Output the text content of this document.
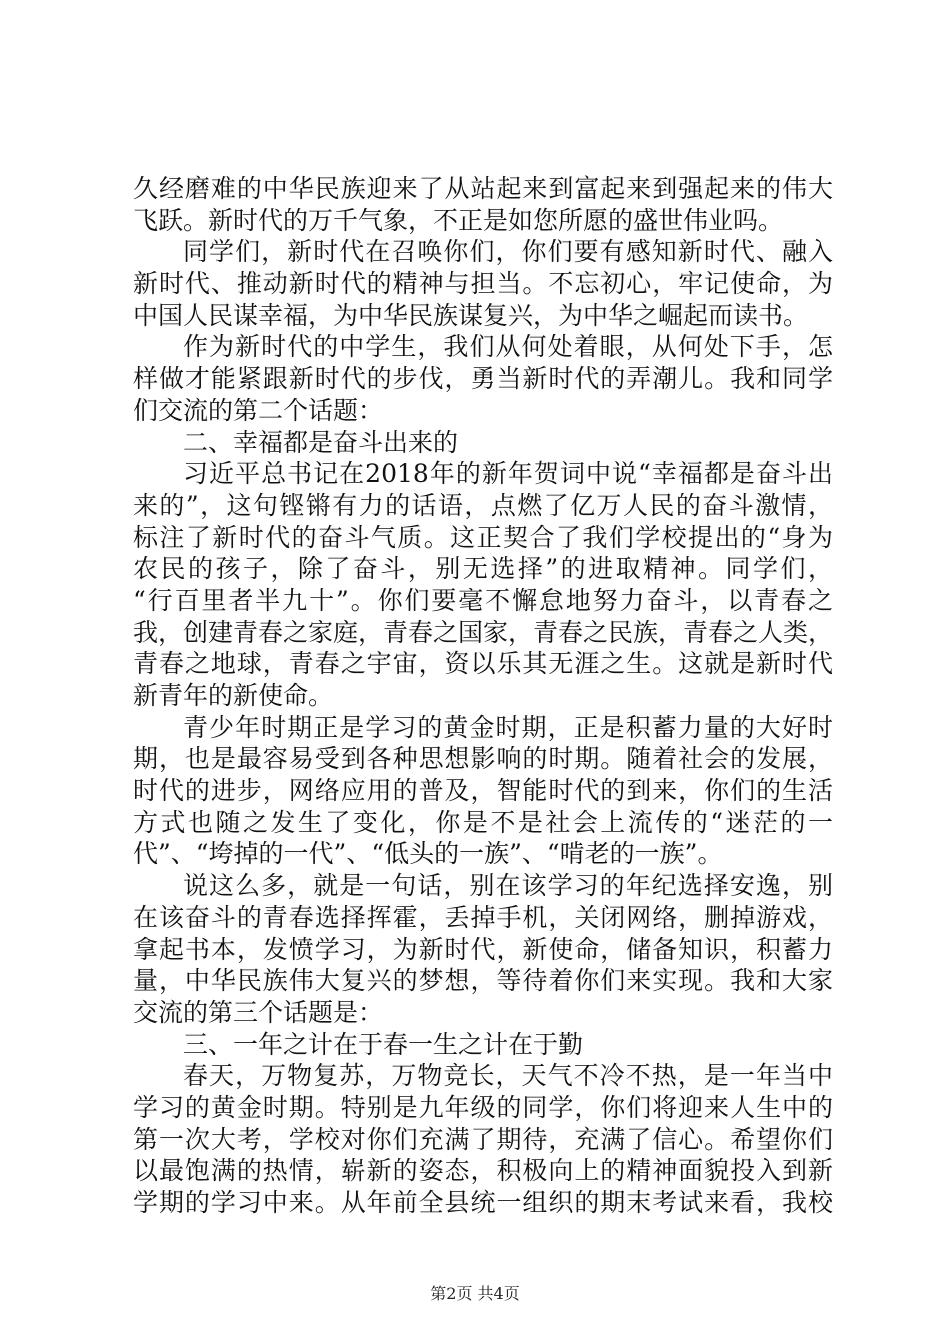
久经磨难的中华民族迎来了从站起来到富起来到强起来的伟大
飞跃。新时代的万千气象，不正是如您所愿的盛世伟业吗。
同学们，新时代在召唤你们，你们要有感知新时代、融入
新时代、推动新时代的精神与担当。不忘初心，牢记使命，为
中国人民谋幸福，为中华民族谋复兴，为中华之崛起而读书。
作为新时代的中学生，我们从何处着眼，从何处下手，怎
样做才能紧跟新时代的步伐，勇当新时代的弄潮儿。我和同学
们交流的第二个话题：
二、幸福都是奋斗出来的
习近平总书记在2018年的新年贺词中说“幸福都是奋斗出
来的”，这句铿锵有力的话语，点燃了亿万人民的奋斗激情，
标注了新时代的奋斗气质。这正契合了我们学校提出的“身为
农民的孩子，除了奋斗，别无选择”的进取精神。同学们，
“行百里者半九十”。你们要毫不懈怠地努力奋斗，以青春之
我，创建青春之家庭，青春之国家，青春之民族，青春之人类，
青春之地球，青春之宇宙，资以乐其无涯之生。这就是新时代
新青年的新使命。
青少年时期正是学习的黄金时期，正是积蓄力量的大好时
期，也是最容易受到各种思想影响的时期。随着社会的发展，
时代的进步，网络应用的普及，智能时代的到来，你们的生活
方式也随之发生了变化，你是不是社会上流传的“迷茫的一
代”、“垮掉的一代”、“低头的一族”、“啃老的一族”。
说这么多，就是一句话，别在该学习的年纪选择安逸，别
在该奋斗的青春选择挥霍，丢掉手机，关闭网络，删掉游戏，
拿起书本，发愤学习，为新时代，新使命，储备知识，积蓄力
量，中华民族伟大复兴的梦想，等待着你们来实现。我和大家
交流的第三个话题是：
三、一年之计在于春一生之计在于勤
春天，万物复苏，万物竞长，天气不冷不热，是一年当中
学习的黄金时期。特别是九年级的同学，你们将迎来人生中的
第一次大考，学校对你们充满了期待，充满了信心。希望你们
以最饱满的热情，崭新的姿态，积极向上的精神面貌投入到新
学期的学习中来。从年前全县统一组织的期末考试来看，我校
第2页 共4页
